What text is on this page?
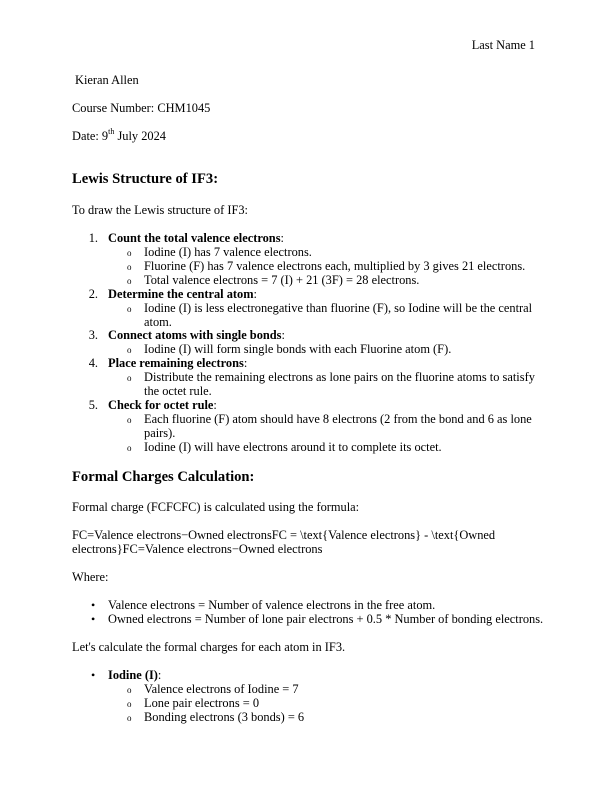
Last Name 1
Kieran Allen
Course Number: CHM1045
Date: 9th July 2024
Lewis Structure of IF3:
To draw the Lewis structure of IF3:
1. Count the total valence electrons:
o Iodine (I) has 7 valence electrons.
o Fluorine (F) has 7 valence electrons each, multiplied by 3 gives 21 electrons.
o Total valence electrons = 7 (I) + 21 (3F) = 28 electrons.
2. Determine the central atom:
o Iodine (I) is less electronegative than fluorine (F), so Iodine will be the central
atom.
3. Connect atoms with single bonds:
o Iodine (I) will form single bonds with each Fluorine atom (F).
4. Place remaining electrons:
o Distribute the remaining electrons as lone pairs on the fluorine atoms to satisfy
the octet rule.
5. Check for octet rule:
o Each fluorine (F) atom should have 8 electrons (2 from the bond and 6 as lone
pairs).
o Iodine (I) will have electrons around it to complete its octet.
Formal Charges Calculation:
Formal charge (FCFCFC) is calculated using the formula:
FC=Valence electrons−Owned electronsFC = \text{Valence electrons} - \text{Owned
electrons}FC=Valence electrons−Owned electrons
Where:
• Valence electrons = Number of valence electrons in the free atom.
• Owned electrons = Number of lone pair electrons + 0.5 * Number of bonding electrons.
Let's calculate the formal charges for each atom in IF3.
• Iodine (I):
o Valence electrons of Iodine = 7
o Lone pair electrons = 0
o Bonding electrons (3 bonds) = 6
